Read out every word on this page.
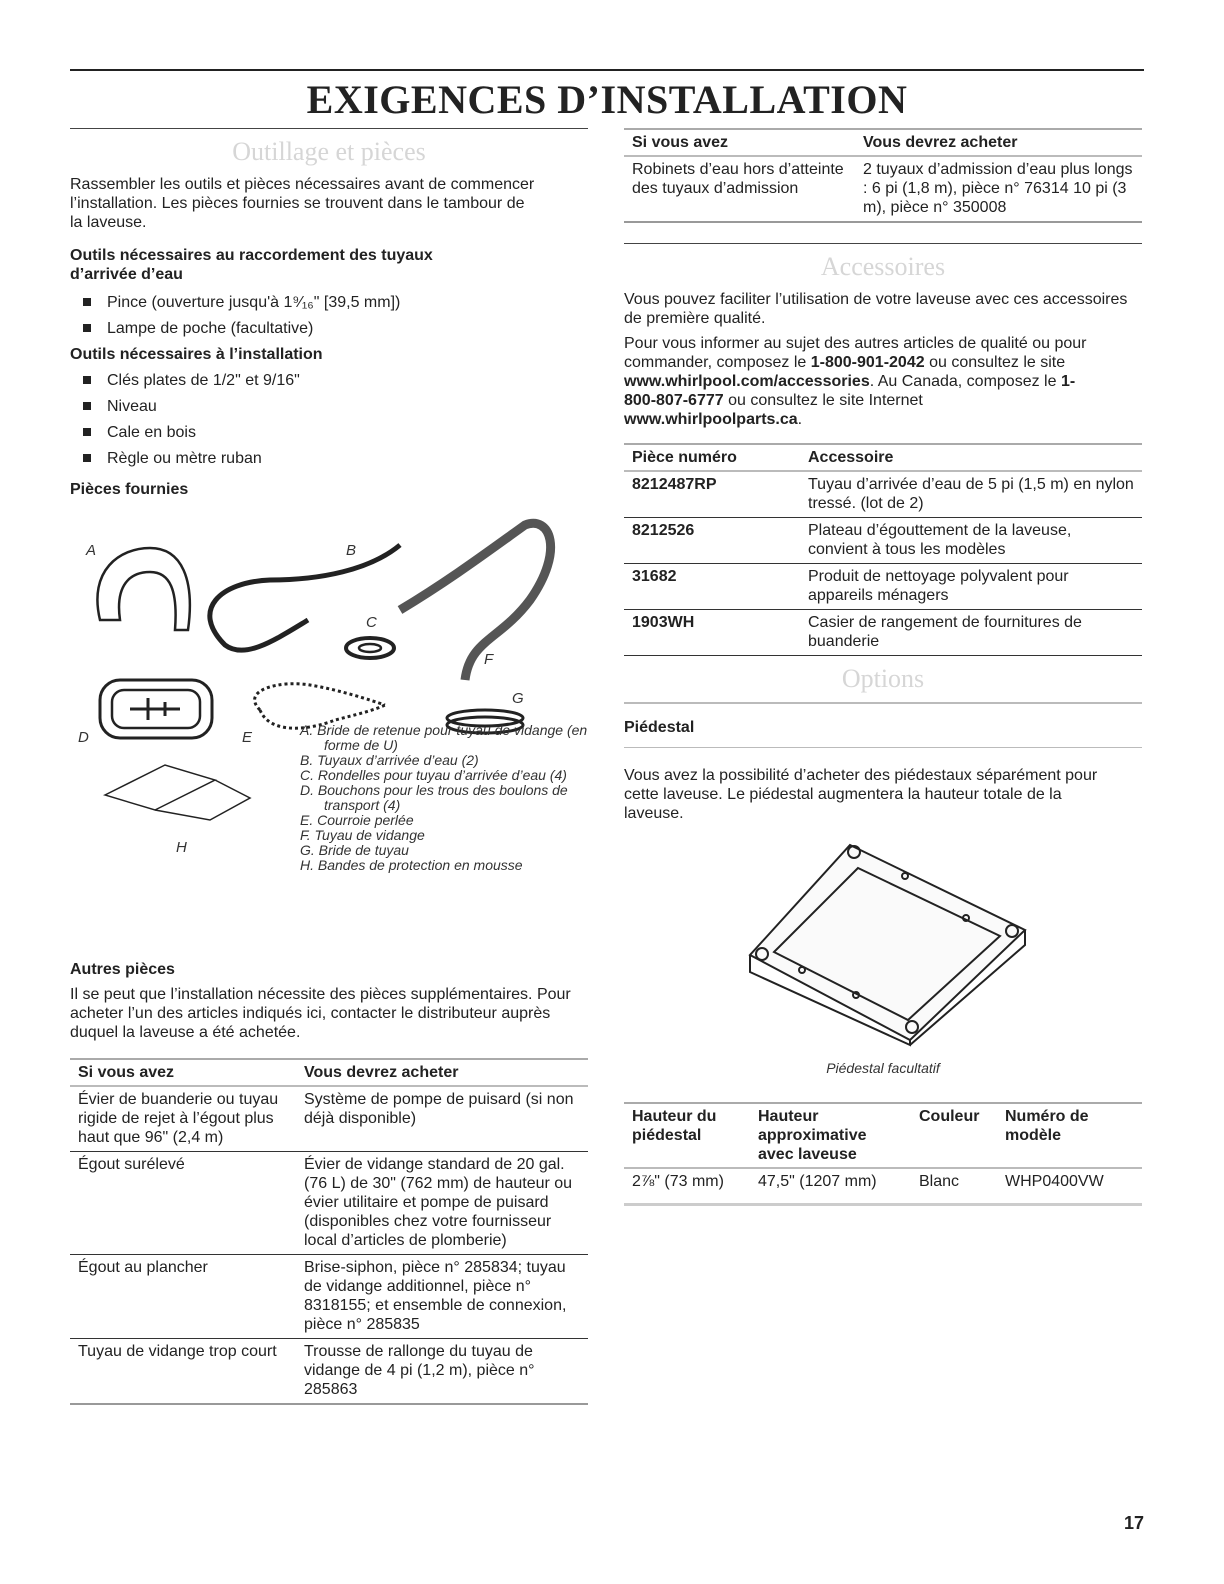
EXIGENCES D’INSTALLATION
Outillage et pièces
Rassembler les outils et pièces nécessaires avant de commencer l’installation. Les pièces fournies se trouvent dans le tambour de la laveuse.
Outils nécessaires au raccordement des tuyaux d’arrivée d’eau
Pince (ouverture jusqu'à 1⁹⁄₁₆" [39,5 mm])
Lampe de poche (facultative)
Outils nécessaires à l’installation
Clés plates de 1/2" et 9/16"
Niveau
Cale en bois
Règle ou mètre ruban
Pièces fournies
A	B
C
D	E
F
G
H
A. Bride de retenue pour tuyau de vidange (en forme de U)
B. Tuyaux d’arrivée d’eau (2)
C. Rondelles pour tuyau d’arrivée d’eau (4)
D. Bouchons pour les trous des boulons de transport (4)
E. Courroie perlée
F. Tuyau de vidange
G. Bride de tuyau
H. Bandes de protection en mousse
Autres pièces
Il se peut que l’installation nécessite des pièces supplémentaires. Pour acheter l’un des articles indiqués ici, contacter le distributeur auprès duquel la laveuse a été achetée.
Si vous avez	Vous devrez acheter
Évier de buanderie ou tuyau rigide de rejet à l’égout plus haut que 96" (2,4 m)	Système de pompe de puisard (si non déjà disponible)
Égout surélevé	Évier de vidange standard de 20 gal. (76 L) de 30" (762 mm) de hauteur ou évier utilitaire et pompe de puisard (disponibles chez votre fournisseur local d’articles de plomberie)
Égout au plancher	Brise-siphon, pièce n° 285834; tuyau de vidange additionnel, pièce n° 8318155; et ensemble de connexion, pièce n° 285835
Tuyau de vidange trop court	Trousse de rallonge du tuyau de vidange de 4 pi (1,2 m), pièce n° 285863
Si vous avez	Vous devrez acheter
Robinets d’eau hors d’atteinte des tuyaux d’admission	2 tuyaux d’admission d’eau plus longs : 6 pi (1,8 m), pièce n° 76314 10 pi (3 m), pièce n° 350008
Accessoires
Vous pouvez faciliter l’utilisation de votre laveuse avec ces accessoires de première qualité.
Pour vous informer au sujet des autres articles de qualité ou pour commander, composez le 1-800-901-2042 ou consultez le site www.whirlpool.com/accessories. Au Canada, composez le 1-800-807-6777 ou consultez le site Internet www.whirlpoolparts.ca.
Pièce numéro	Accessoire
8212487RP	Tuyau d’arrivée d’eau de 5 pi (1,5 m) en nylon tressé. (lot de 2)
8212526	Plateau d’égouttement de la laveuse, convient à tous les modèles
31682	Produit de nettoyage polyvalent pour appareils ménagers
1903WH	Casier de rangement de fournitures de buanderie
Options
Piédestal
Vous avez la possibilité d’acheter des piédestaux séparément pour cette laveuse. Le piédestal augmentera la hauteur totale de la laveuse.
Piédestal facultatif
Hauteur du piédestal	Hauteur approximative avec laveuse	Couleur	Numéro de modèle
2⅞" (73 mm)	47,5" (1207 mm)	Blanc	WHP0400VW
17
